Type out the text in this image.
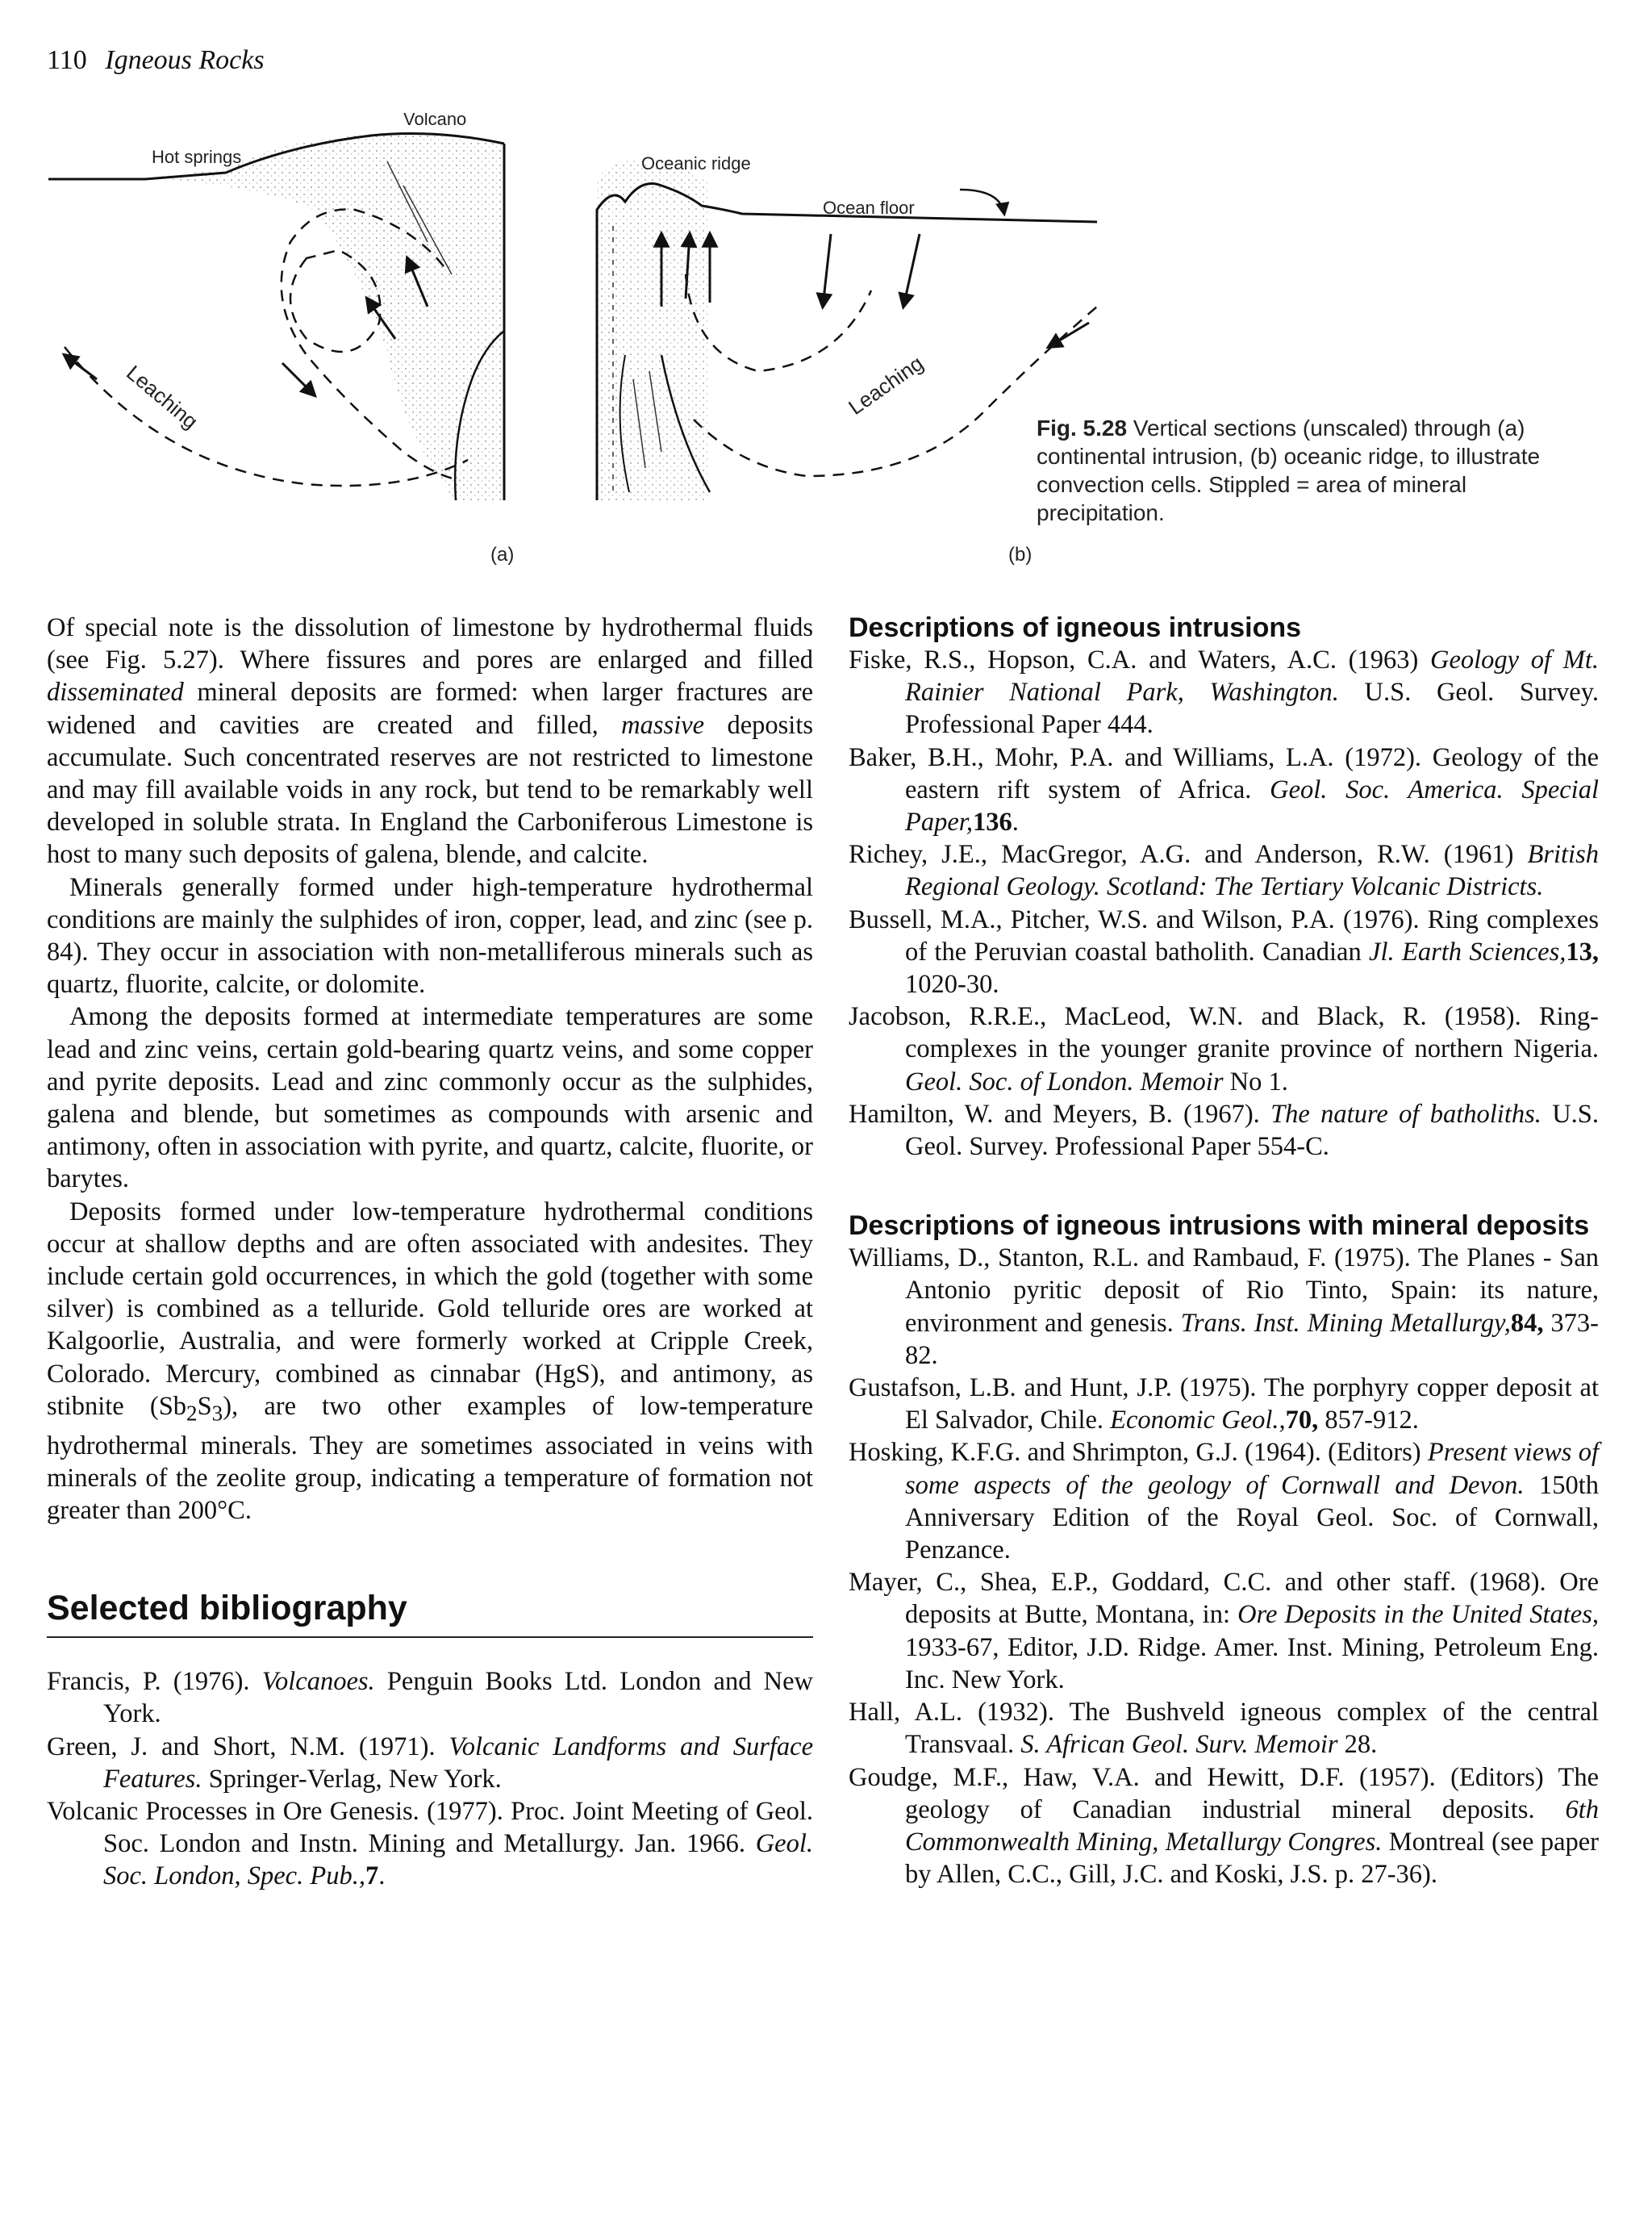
110 Igneous Rocks
Volcano
Hot springs
Leaching
(a)
Oceanic ridge
Ocean floor
Leaching
(b)
Fig. 5.28 Vertical sections (unscaled) through (a) continental intrusion, (b) oceanic ridge, to illustrate convection cells. Stippled = area of mineral precipitation.

Of special note is the dissolution of limestone by hydrothermal fluids (see Fig. 5.27). Where fissures and pores are enlarged and filled disseminated mineral deposits are formed: when larger fractures are widened and cavities are created and filled, massive deposits accumulate. Such concentrated reserves are not restricted to limestone and may fill available voids in any rock, but tend to be remarkably well developed in soluble strata. In England the Carboniferous Limestone is host to many such deposits of galena, blende, and calcite.

Minerals generally formed under high-temperature hydrothermal conditions are mainly the sulphides of iron, copper, lead, and zinc (see p. 84). They occur in association with non-metalliferous minerals such as quartz, fluorite, calcite, or dolomite.

Among the deposits formed at intermediate temperatures are some lead and zinc veins, certain gold-bearing quartz veins, and some copper and pyrite deposits. Lead and zinc commonly occur as the sulphides, galena and blende, but sometimes as compounds with arsenic and antimony, often in association with pyrite, and quartz, calcite, fluorite, or barytes.

Deposits formed under low-temperature hydrothermal conditions occur at shallow depths and are often associated with andesites. They include certain gold occurrences, in which the gold (together with some silver) is combined as a telluride. Gold telluride ores are worked at Kalgoorlie, Australia, and were formerly worked at Cripple Creek, Colorado. Mercury, combined as cinnabar (HgS), and antimony, as stibnite $(Sb_2S_3)$, are two other examples of low-temperature hydrothermal minerals. They are sometimes associated in veins with minerals of the zeolite group, indicating a temperature of formation not greater than 200°C.

Selected bibliography
Francis, P. (1976). Volcanoes. Penguin Books Ltd. London and New York.
Green, J. and Short, N.M. (1971). Volcanic Landforms and Surface Features. Springer-Verlag, New York.
Volcanic Processes in Ore Genesis. (1977). Proc. Joint Meeting of Geol. Soc. London and Instn. Mining and Metallurgy. Jan. 1966. Geol. Soc. London, Spec. Pub.,7.
Descriptions of igneous intrusions
Fiske, R.S., Hopson, C.A. and Waters, A.C. (1963) Geology of Mt. Rainier National Park, Washington. U.S. Geol. Survey. Professional Paper 444.
Baker, B.H., Mohr, P.A. and Williams, L.A. (1972). Geology of the eastern rift system of Africa. Geol. Soc. America. Special Paper,136.
Richey, J.E., MacGregor, A.G. and Anderson, R.W. (1961) British Regional Geology. Scotland: The Tertiary Volcanic Districts.
Bussell, M.A., Pitcher, W.S. and Wilson, P.A. (1976). Ring complexes of the Peruvian coastal batholith. Canadian Jl. Earth Sciences,13, 1020-30.
Jacobson, R.R.E., MacLeod, W.N. and Black, R. (1958). Ring-complexes in the younger granite province of northern Nigeria. Geol. Soc. of London. Memoir No 1.
Hamilton, W. and Meyers, B. (1967). The nature of batholiths. U.S. Geol. Survey. Professional Paper 554-C.
Descriptions of igneous intrusions with mineral deposits
Williams, D., Stanton, R.L. and Rambaud, F. (1975). The Planes - San Antonio pyritic deposit of Rio Tinto, Spain: its nature, environment and genesis. Trans. Inst. Mining Metallurgy,84, 373-82.
Gustafson, L.B. and Hunt, J.P. (1975). The porphyry copper deposit at El Salvador, Chile. Economic Geol.,70, 857-912.
Hosking, K.F.G. and Shrimpton, G.J. (1964). (Editors) Present views of some aspects of the geology of Cornwall and Devon. 150th Anniversary Edition of the Royal Geol. Soc. of Cornwall, Penzance.
Mayer, C., Shea, E.P., Goddard, C.C. and other staff. (1968). Ore deposits at Butte, Montana, in: Ore Deposits in the United States, 1933-67, Editor, J.D. Ridge. Amer. Inst. Mining, Petroleum Eng. Inc. New York.
Hall, A.L. (1932). The Bushveld igneous complex of the central Transvaal. S. African Geol. Surv. Memoir 28.
Goudge, M.F., Haw, V.A. and Hewitt, D.F. (1957). (Editors) The geology of Canadian industrial mineral deposits. 6th Commonwealth Mining, Metallurgy Congres. Montreal (see paper by Allen, C.C., Gill, J.C. and Koski, J.S. p. 27-36).
